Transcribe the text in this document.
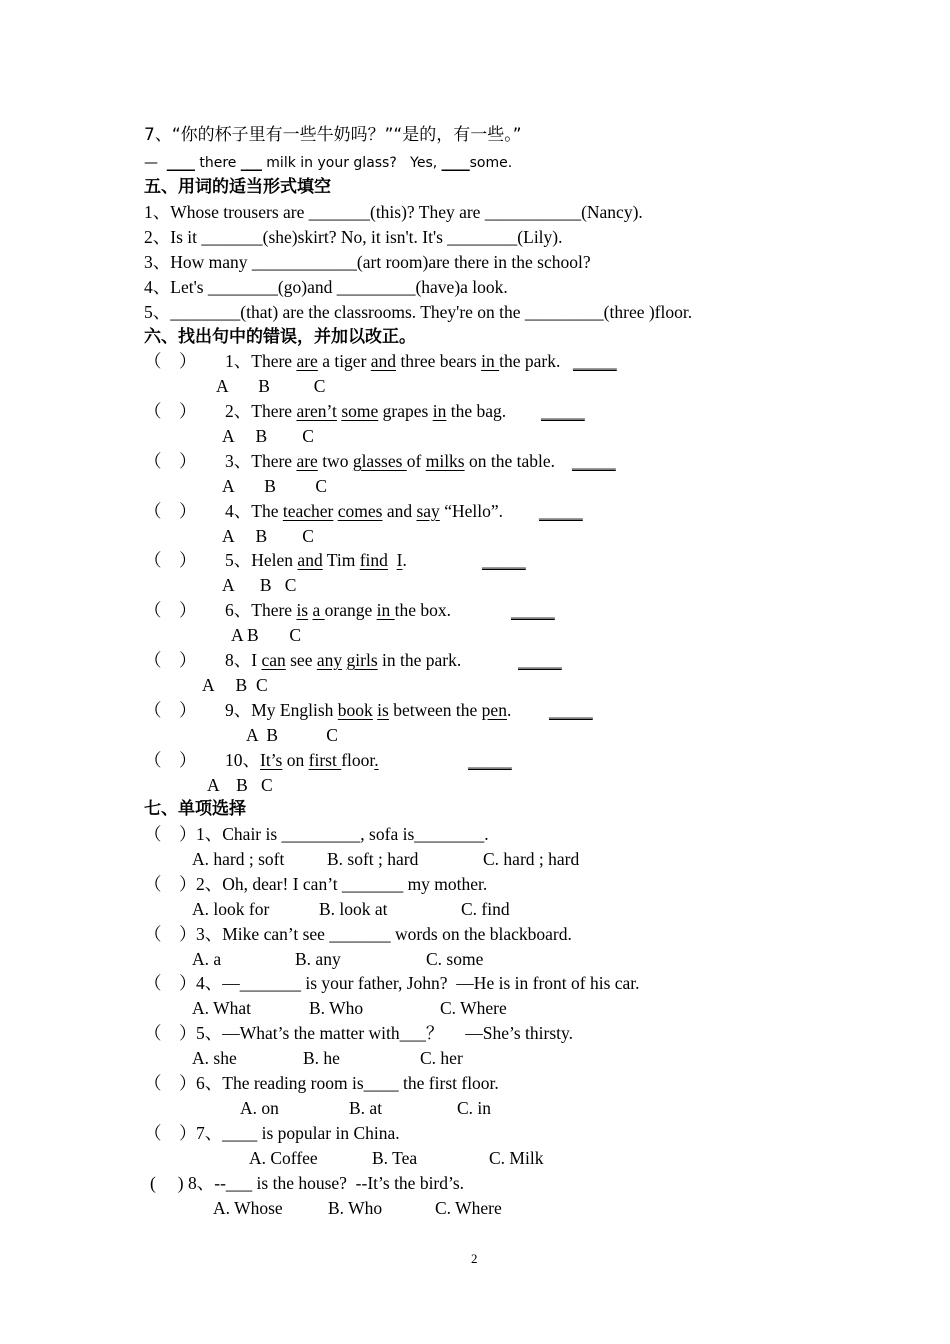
7、“你的杯子里有一些牛奶吗？”“是的，有一些。”
— ____ there ___ milk in your glass?   Yes, ____some.
五、用词的适当形式填空
1、Whose trousers are _______(this)? They are ___________(Nancy).
2、Is it _______(she)skirt? No, it isn't. It's ________(Lily).
3、How many ____________(art room)are there in the school?
4、Let's ________(go)and _________(have)a look.
5、________(that) are the classrooms. They're on the _________(three )floor.
六、找出句中的错误，并加以改正。
（    ） 1、There are a tiger and three bears in the park. _____
A       B          C
（    ） 2、There aren’t some grapes in the bag. _____
A     B        C
（    ） 3、There are two glasses of milks on the table. _____
A       B         C
（    ） 4、The teacher comes and say “Hello”. _____
A     B        C
（    ） 5、Helen and Tim find I.	_____
A      B   C
（    ） 6、There is a orange in the box.	_____
A B       C
（    ） 8、I can see any girls in the park.	_____
A     B  C
（    ） 9、My English book is between the pen. _____
A  B           C
（    ） 10、It’s on first floor.	_____
A    B   C
七、单项选择
（    ） 1、Chair is _________, sofa is________.
A. hard ; soft B. soft ; hard	C. hard ; hard
（    ） 2、Oh, dear! I can’t _______ my mother.
A. look for	B. look at	C. find
（    ） 3、Mike can’t see _______ words on the blackboard.
A. a	B. any	C. some
（    ） 4、—_______ is your father, John?  —He is in front of his car.
A. What	B. Who	C. Where
（    ） 5、—What’s the matter with___？     —She’s thirsty.
A. she	B. he	C. her
（    ） 6、The reading room is____ the first floor.
A. on	B. at	C. in
（    ） 7、____ is popular in China.
A. Coffee	B. Tea	C. Milk
(     ) 8、--___ is the house?  --It’s the bird’s.
A. Whose	B. Who	C. Where
2
